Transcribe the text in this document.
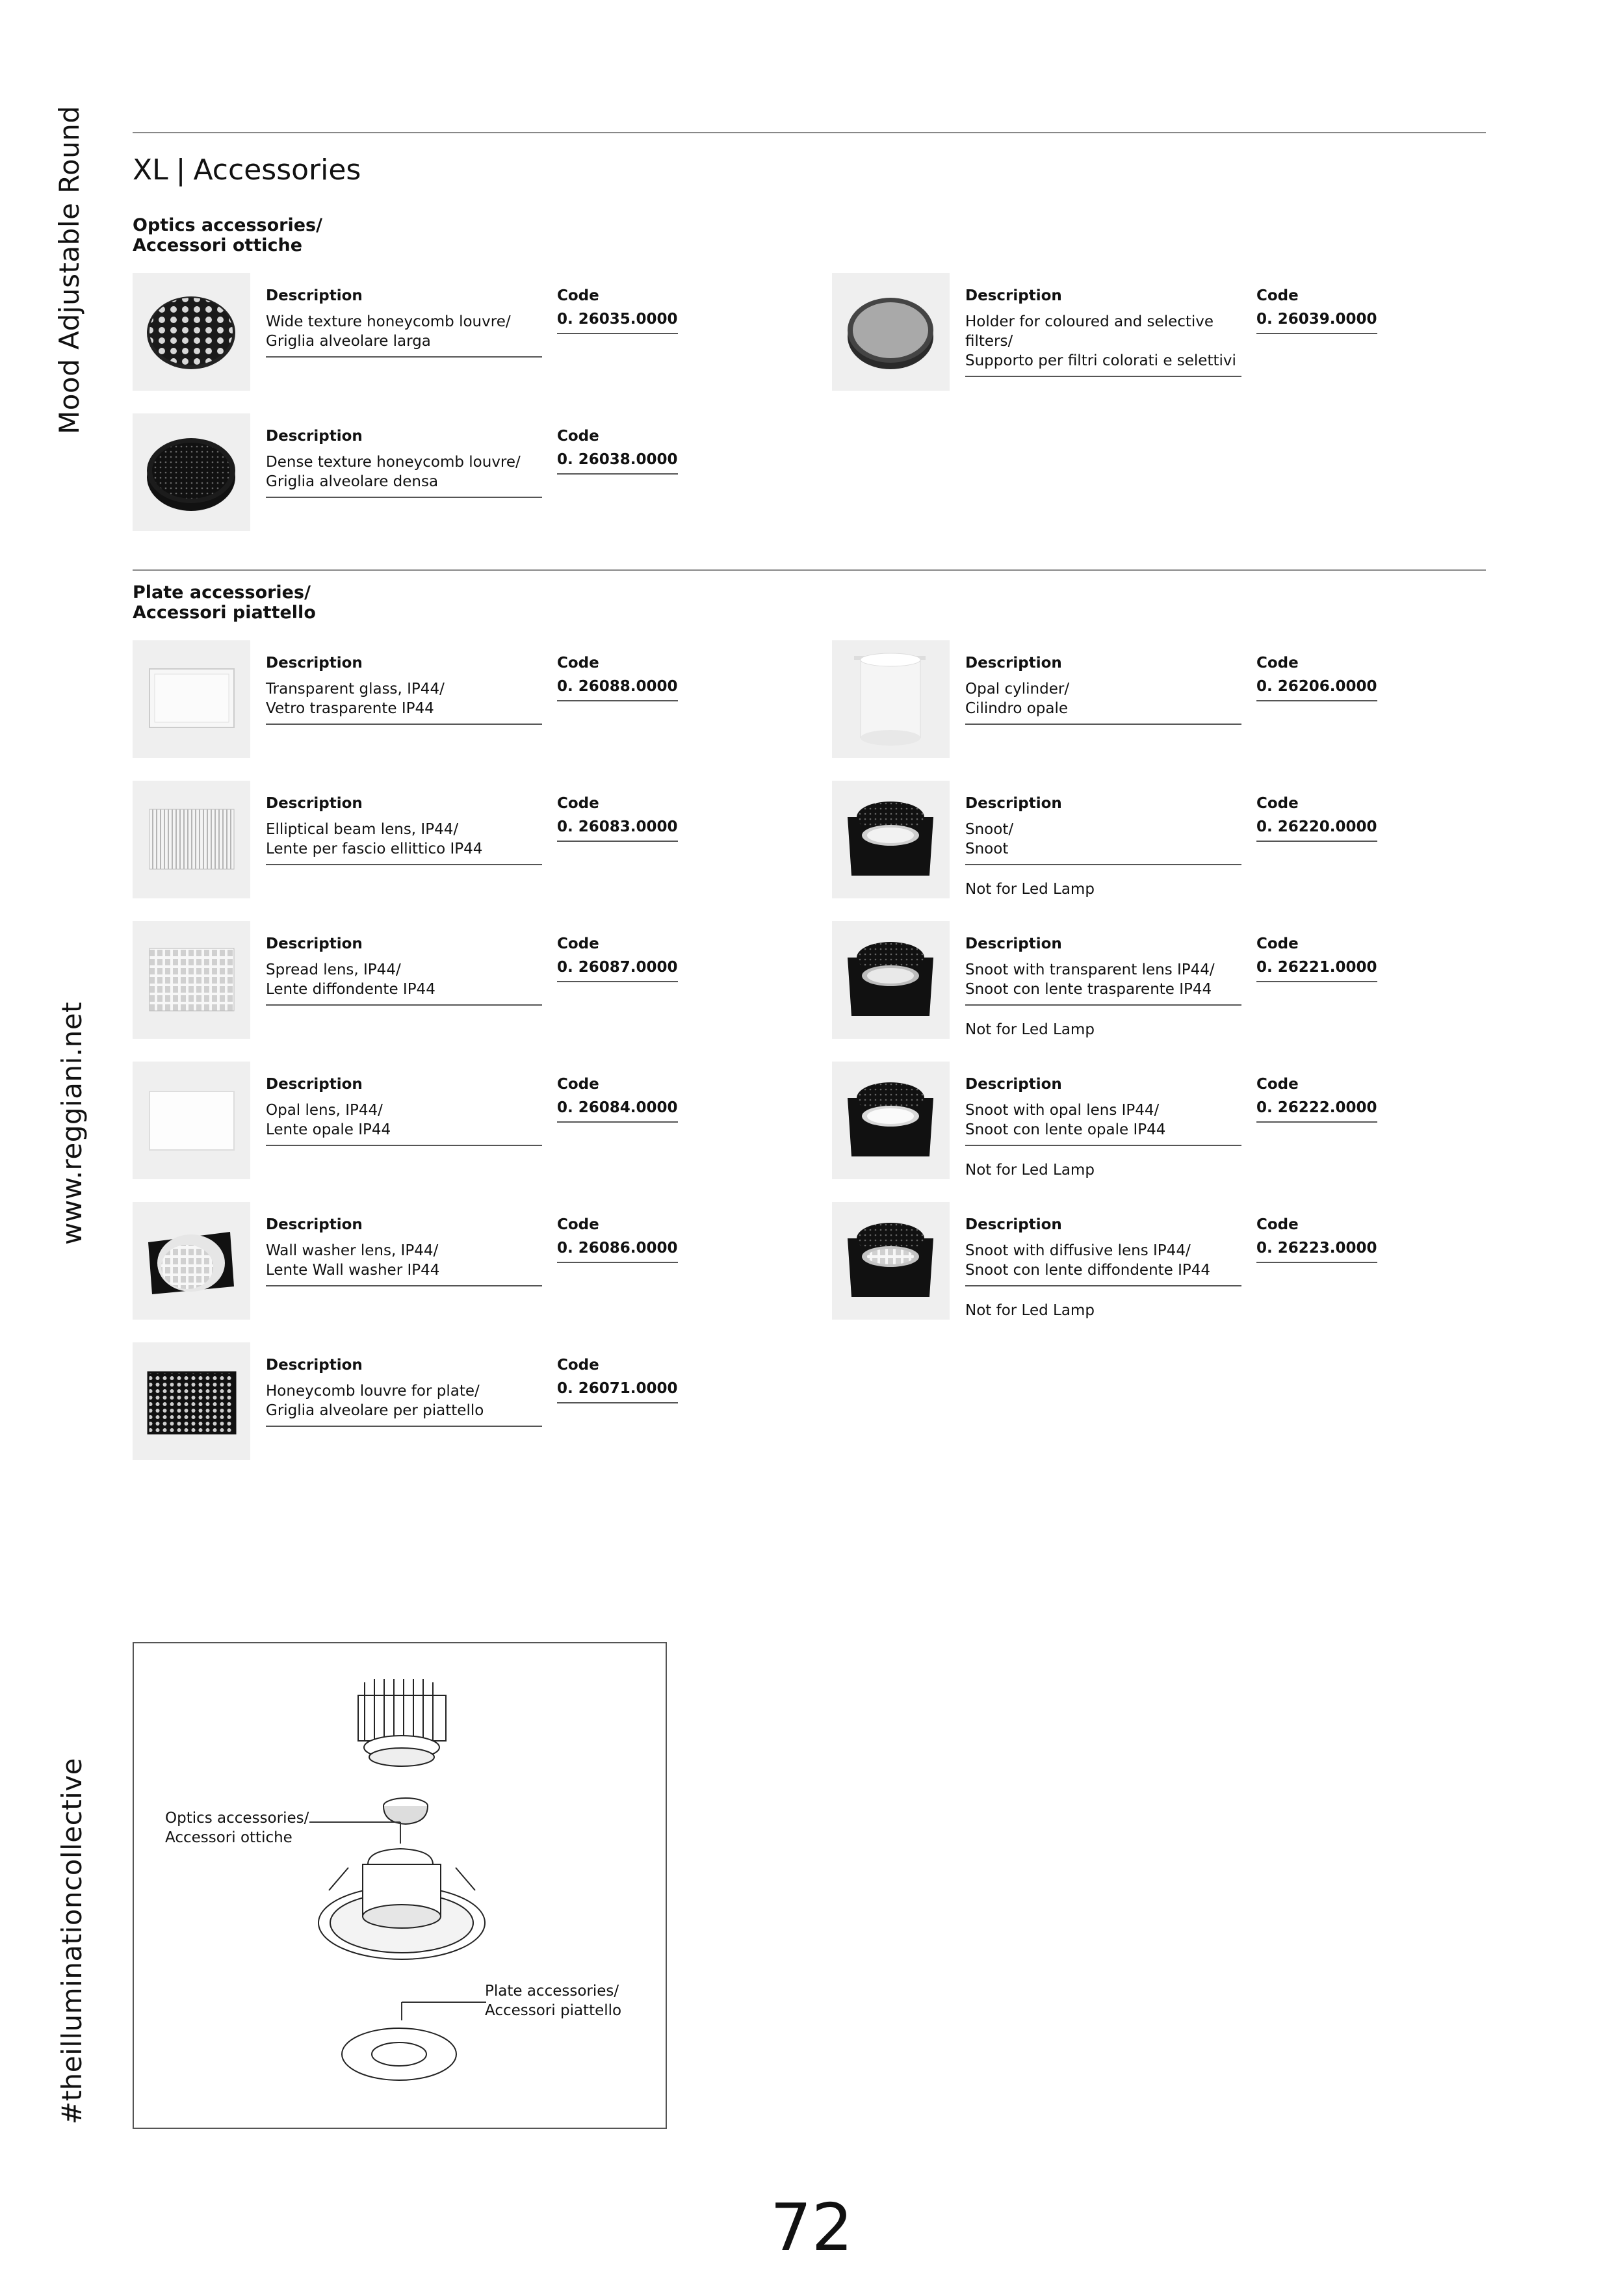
Mood Adjustable Round
www.reggiani.net
#theilluminationcollective
XL | Accessories
Optics accessories/
Accessori ottiche
Description	Code
Wide texture honeycomb louvre/
Griglia alveolare larga
0. 26035.0000
Description	Code
Holder for coloured and selective
filters/
Supporto per filtri colorati e selettivi
0. 26039.0000
Description	Code
Dense texture honeycomb louvre/
Griglia alveolare densa
0. 26038.0000
Plate accessories/
Accessori piattello
Description	Code
Transparent glass, IP44/
Vetro trasparente IP44
0. 26088.0000
Description	Code
Elliptical beam lens, IP44/
Lente per fascio ellittico IP44
0. 26083.0000
Description	Code
Spread lens, IP44/
Lente diffondente IP44
0. 26087.0000
Description	Code
Opal lens, IP44/
Lente opale IP44
0. 26084.0000
Description	Code
Wall washer lens, IP44/
Lente Wall washer IP44
0. 26086.0000
Description	Code
Honeycomb louvre for plate/
Griglia alveolare per piattello
0. 26071.0000
Description	Code
Opal cylinder/
Cilindro opale
0. 26206.0000
Description	Code
Snoot/
Snoot
0. 26220.0000
Not for Led Lamp
Description	Code
Snoot with transparent lens IP44/
Snoot con lente trasparente IP44
0. 26221.0000
Not for Led Lamp
Description	Code
Snoot with opal lens IP44/
Snoot con lente opale IP44
0. 26222.0000
Not for Led Lamp
Description	Code
Snoot with diffusive lens IP44/
Snoot con lente diffondente IP44
0. 26223.0000
Not for Led Lamp
Optics accessories/
Accessori ottiche
Plate accessories/
Accessori piattello
72
